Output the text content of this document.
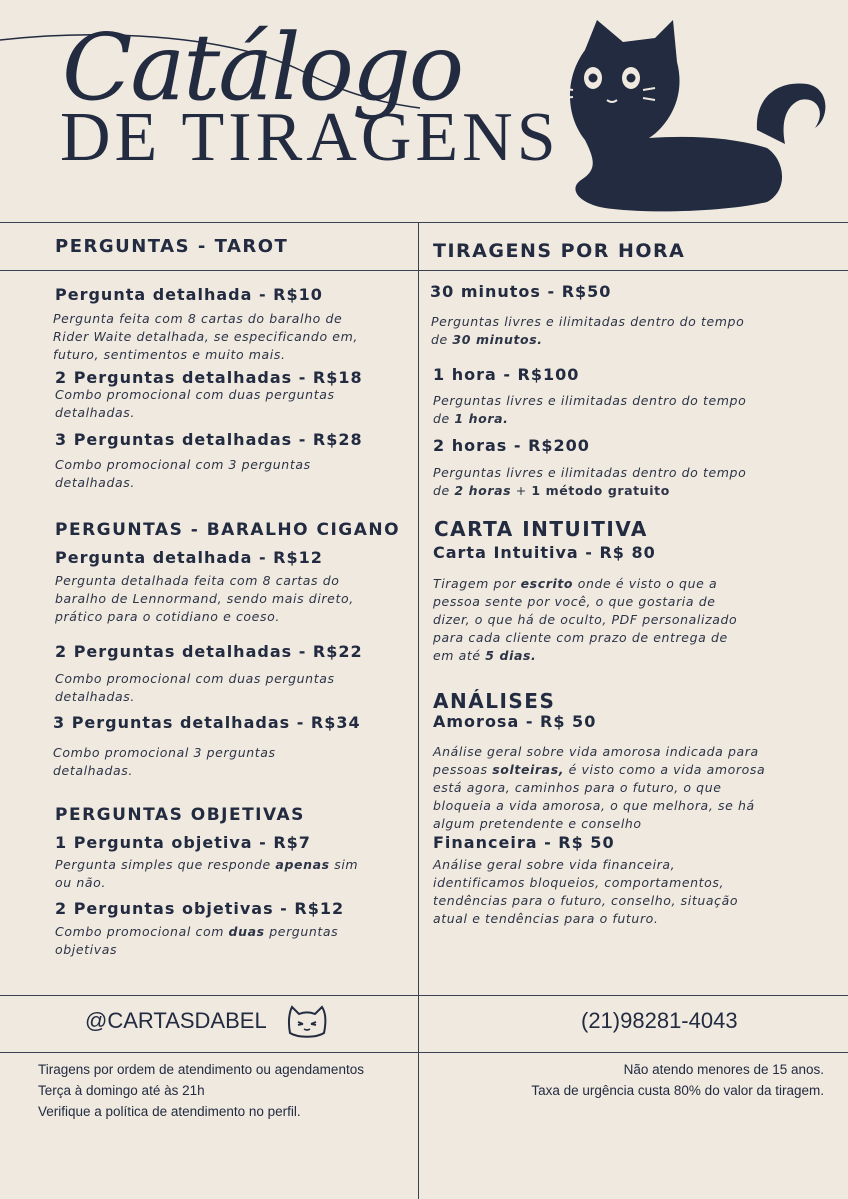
DE TIRAGENS
Catálogo
PERGUNTAS - TAROT
Pergunta detalhada - R$10
Pergunta feita com 8 cartas do baralho de
Rider Waite detalhada, se especificando em,
futuro, sentimentos e muito mais.
2 Perguntas detalhadas - R$18
Combo promocional com duas perguntas
detalhadas.
3 Perguntas detalhadas - R$28
Combo promocional com 3 perguntas
detalhadas.
PERGUNTAS - BARALHO CIGANO
Pergunta detalhada - R$12
Pergunta detalhada feita com 8 cartas do
baralho de Lennormand, sendo mais direto,
prático para o cotidiano e coeso.
2 Perguntas detalhadas - R$22
Combo promocional com duas perguntas
detalhadas.
3 Perguntas detalhadas - R$34
Combo promocional 3 perguntas
detalhadas.
PERGUNTAS OBJETIVAS
1 Pergunta objetiva - R$7
Pergunta simples que responde apenas sim
ou não.
2 Perguntas objetivas - R$12
Combo promocional com duas perguntas
objetivas
TIRAGENS POR HORA
30 minutos - R$50
Perguntas livres e ilimitadas dentro do tempo
de 30 minutos.
1 hora - R$100
Perguntas livres e ilimitadas dentro do tempo
de 1 hora.
2 horas - R$200
Perguntas livres e ilimitadas dentro do tempo
de 2 horas + 1 método gratuito
CARTA INTUITIVA
Carta Intuitiva - R$ 80
Tiragem por escrito onde é visto o que a
pessoa sente por você, o que gostaria de
dizer, o que há de oculto, PDF personalizado
para cada cliente com prazo de entrega de
em até 5 dias.
ANÁLISES
Amorosa - R$ 50
Análise geral sobre vida amorosa indicada para
pessoas solteiras, é visto como a vida amorosa
está agora, caminhos para o futuro, o que
bloqueia a vida amorosa, o que melhora, se há
algum pretendente e conselho
Financeira - R$ 50
Análise geral sobre vida financeira,
identificamos bloqueios, comportamentos,
tendências para o futuro, conselho, situação
atual e tendências para o futuro.
@CARTASDABEL	(21)98281-4043
Tiragens por ordem de atendimento ou agendamentos
Terça à domingo até às 21h
Verifique a política de atendimento no perfil.
Não atendo menores de 15 anos.
Taxa de urgência custa 80% do valor da tiragem.
